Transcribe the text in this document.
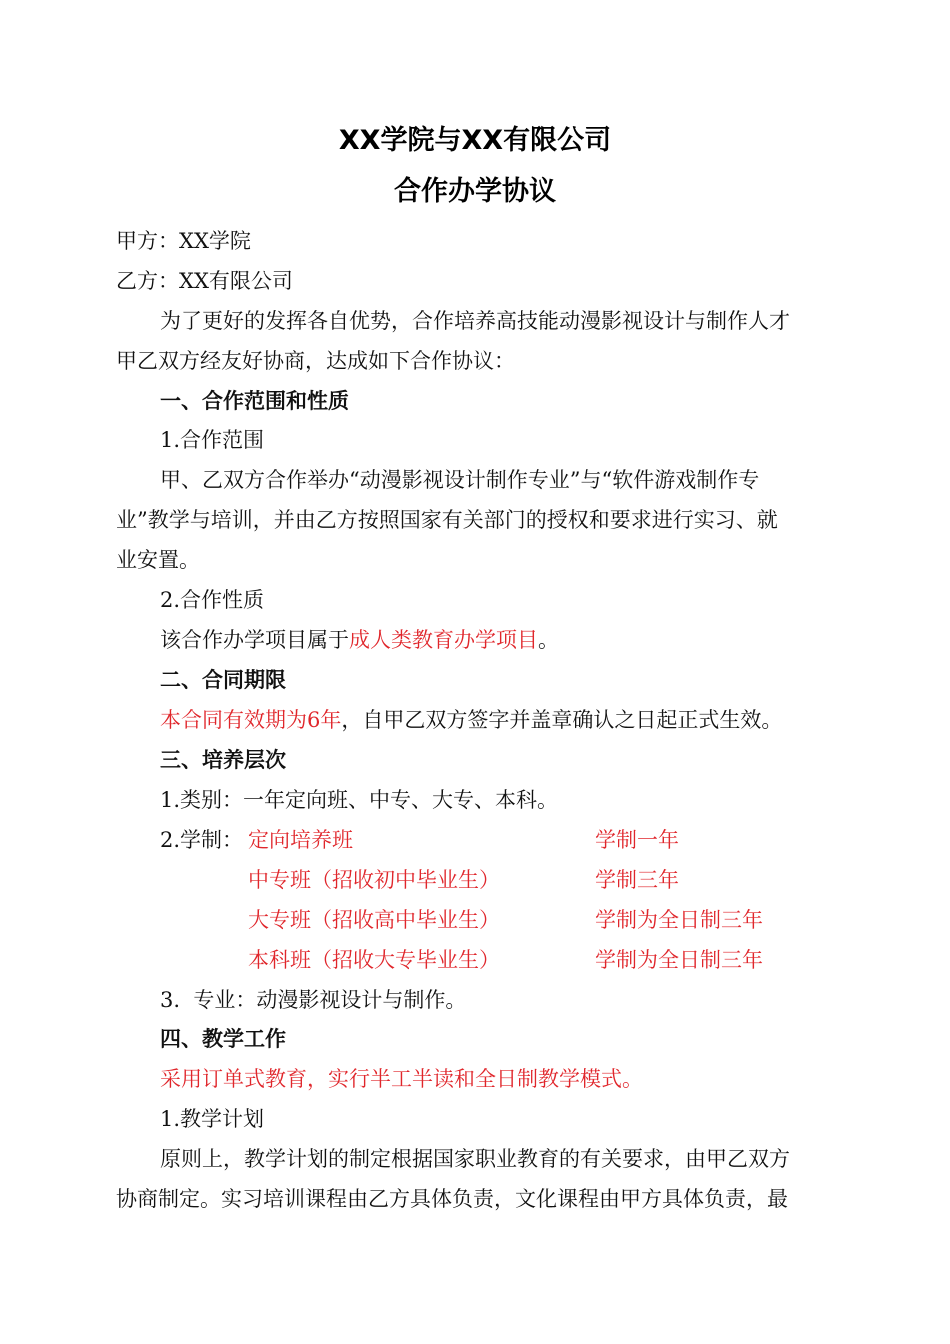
XX学院与XX有限公司
合作办学协议
甲方：XX学院
乙方：XX有限公司
为了更好的发挥各自优势，合作培养高技能动漫影视设计与制作人才
甲乙双方经友好协商，达成如下合作协议：
一、合作范围和性质
1.合作范围
甲、乙双方合作举办“动漫影视设计制作专业”与“软件游戏制作专
业”教学与培训，并由乙方按照国家有关部门的授权和要求进行实习、就
业安置。
2.合作性质
该合作办学项目属于成人类教育办学项目。
二、合同期限
本合同有效期为6年，自甲乙双方签字并盖章确认之日起正式生效。
三、培养层次
1.类别：一年定向班、中专、大专、本科。
2.学制： 定向培养班	学制一年
中专班（招收初中毕业生）	学制三年
大专班（招收高中毕业生）	学制为全日制三年
本科班（招收大专毕业生）	学制为全日制三年
3.  专业：动漫影视设计与制作。
四、教学工作
采用订单式教育，实行半工半读和全日制教学模式。
1.教学计划
原则上，教学计划的制定根据国家职业教育的有关要求，由甲乙双方
协商制定。实习培训课程由乙方具体负责，文化课程由甲方具体负责，最
